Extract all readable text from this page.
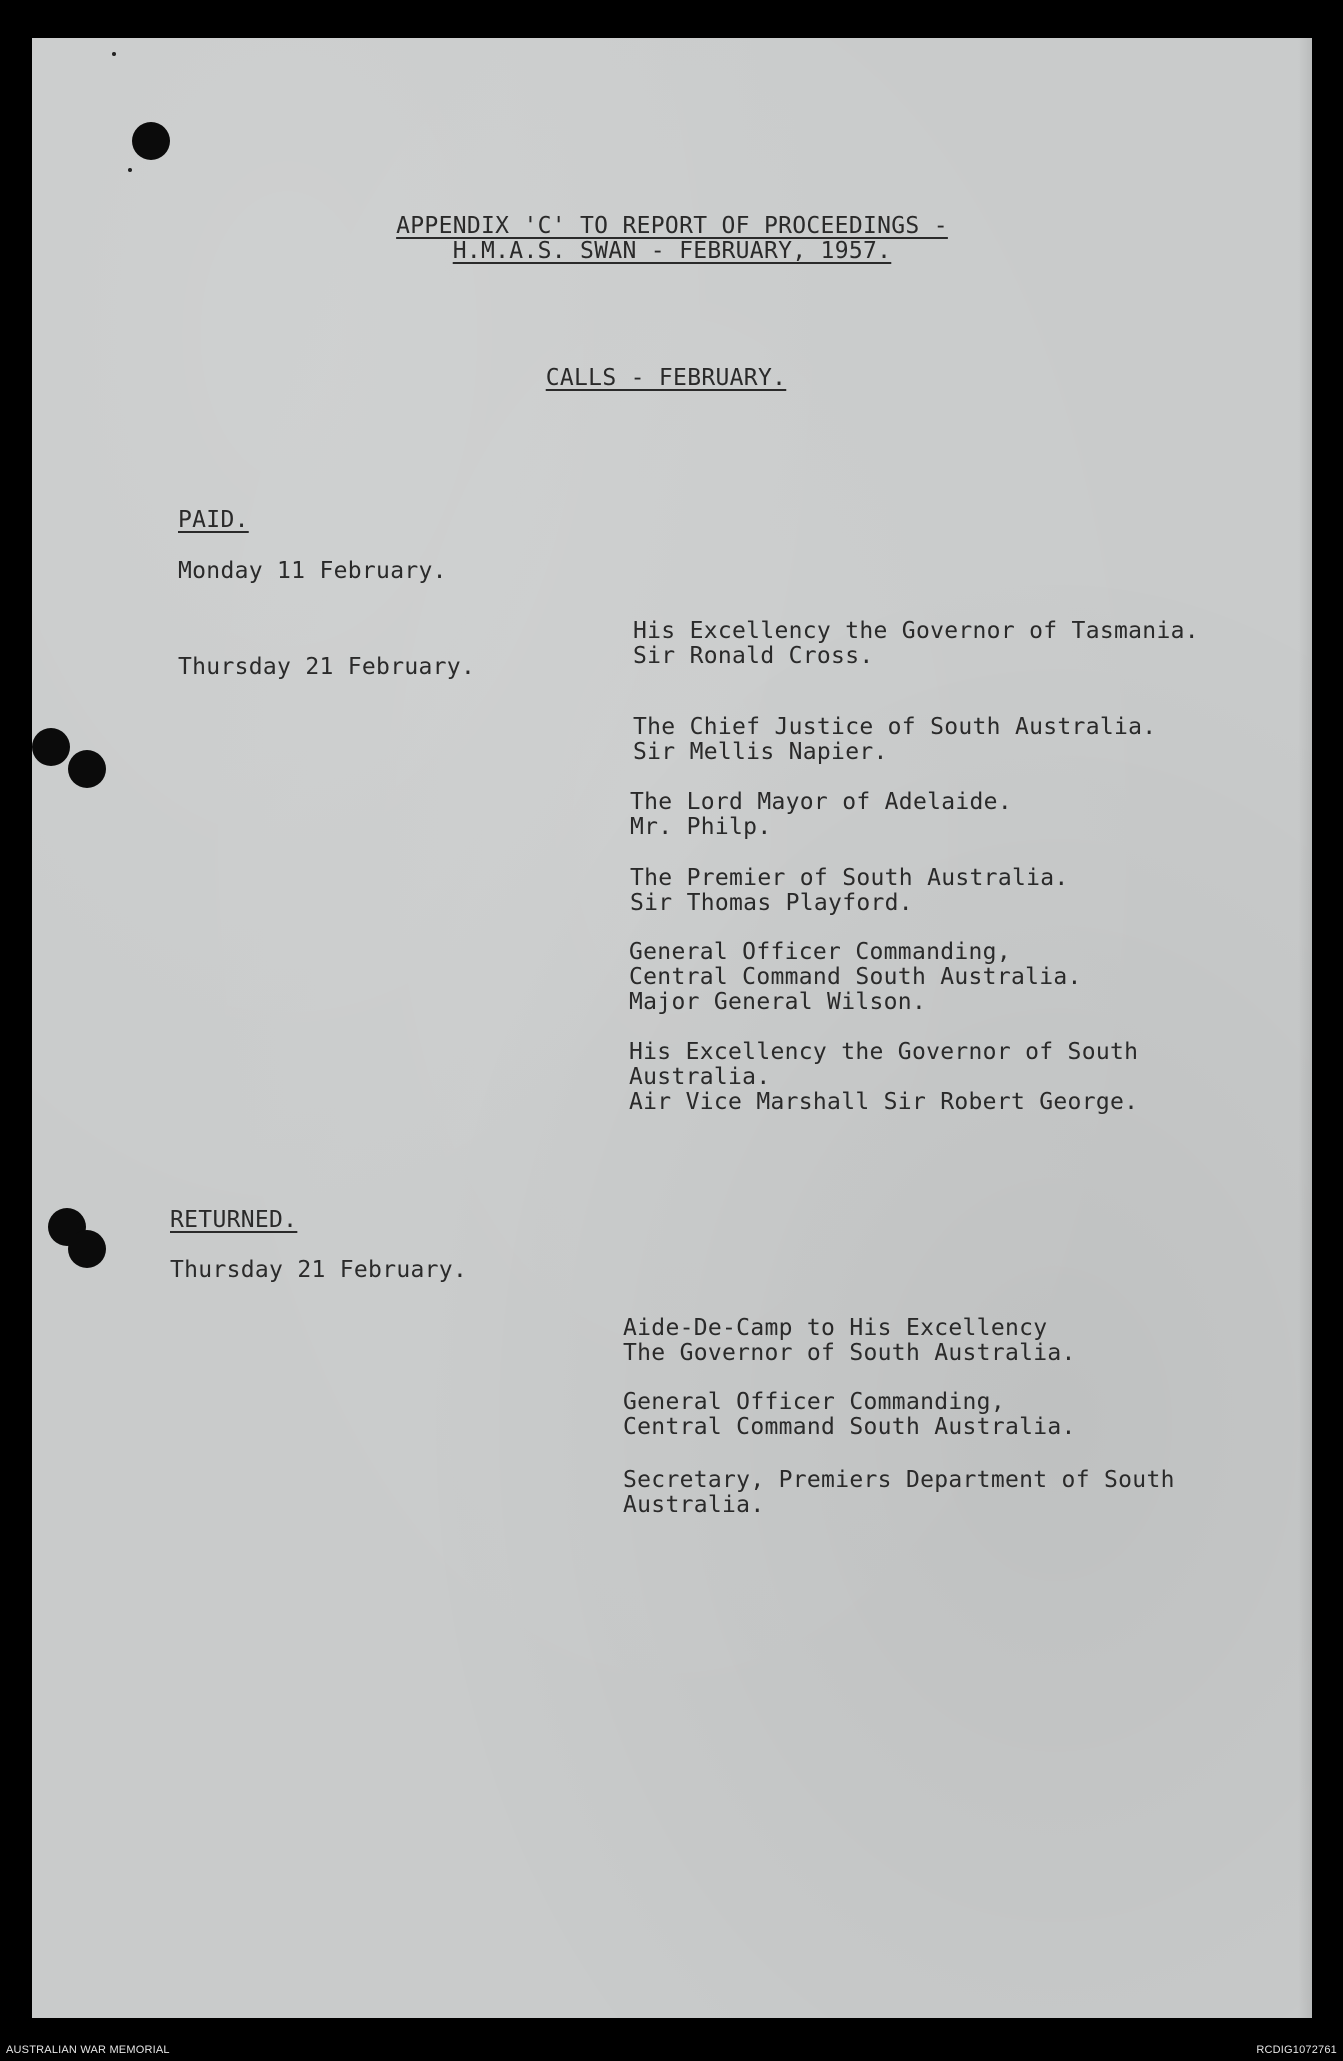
APPENDIX 'C' TO REPORT OF PROCEEDINGS -
H.M.A.S. SWAN - FEBRUARY, 1957.
CALLS - FEBRUARY.
PAID.
Monday 11 February.

His Excellency the Governor of Tasmania.
Sir Ronald Cross.

Thursday 21 February.

The Chief Justice of South Australia.
Sir Mellis Napier.

The Lord Mayor of Adelaide.
Mr. Philp.

The Premier of South Australia.
Sir Thomas Playford.

General Officer Commanding,
Central Command South Australia.
Major General Wilson.

His Excellency the Governor of South
Australia.
Air Vice Marshall Sir Robert George.

RETURNED.
Thursday 21 February.

Aide-De-Camp to His Excellency
The Governor of South Australia.

General Officer Commanding,
Central Command South Australia.

Secretary, Premiers Department of South
Australia.

AUSTRALIAN WAR MEMORIAL	RCDIG1072761
